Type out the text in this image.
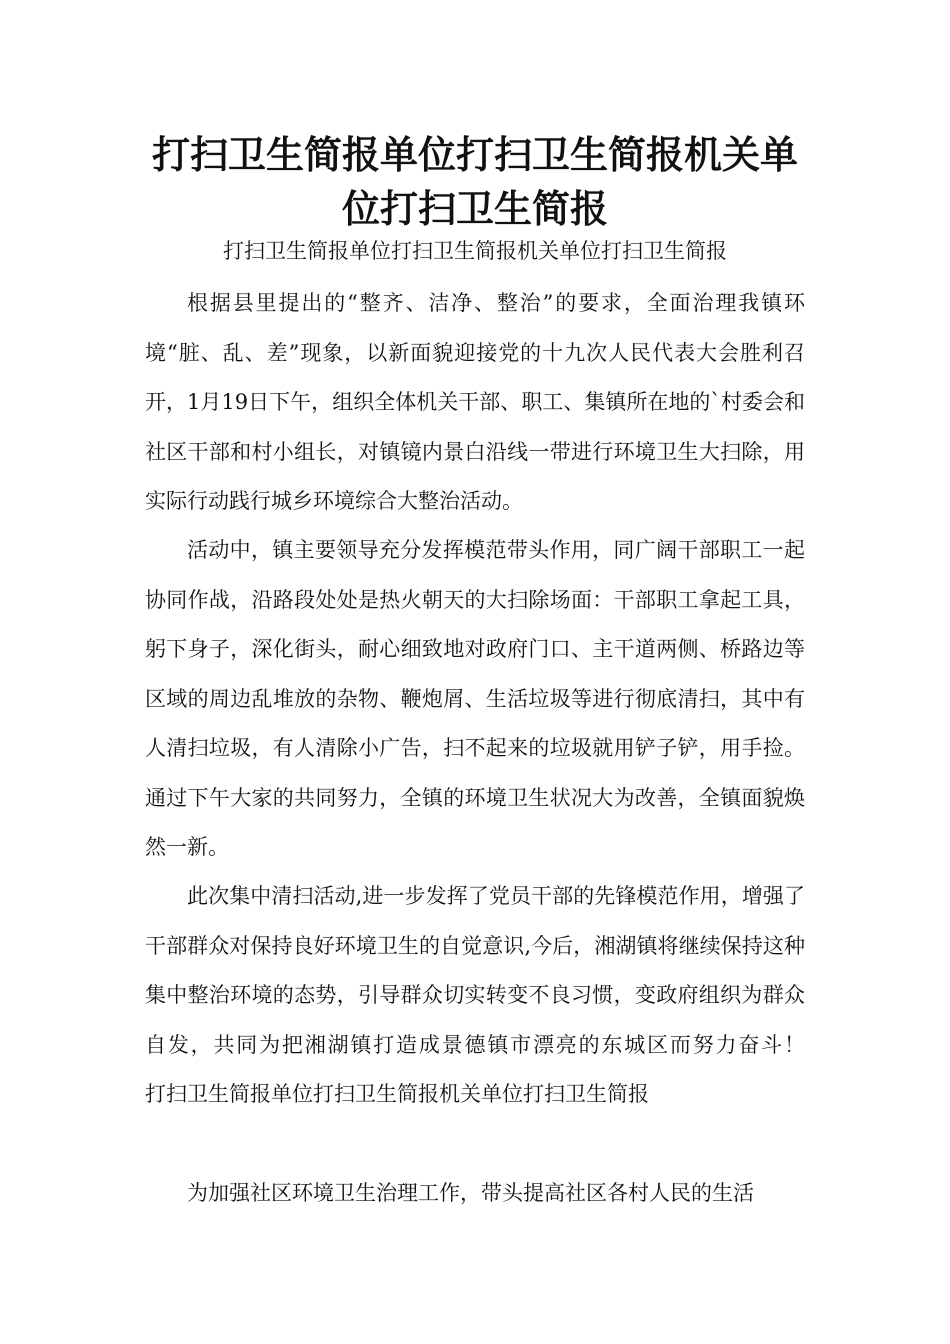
打扫卫生简报单位打扫卫生简报机关单位打扫卫生简报

打扫卫生简报单位打扫卫生简报机关单位打扫卫生简报

根据县里提出的“整齐、洁净、整治”的要求，全面治理我镇环境“脏、乱、差”现象，以新面貌迎接党的十九次人民代表大会胜利召开，1月19日下午，组织全体机关干部、职工、集镇所在地的`村委会和社区干部和村小组长，对镇镜内景白沿线一带进行环境卫生大扫除，用实际行动践行城乡环境综合大整治活动。

活动中，镇主要领导充分发挥模范带头作用，同广阔干部职工一起协同作战，沿路段处处是热火朝天的大扫除场面：干部职工拿起工具，躬下身子，深化街头，耐心细致地对政府门口、主干道两侧、桥路边等区域的周边乱堆放的杂物、鞭炮屑、生活垃圾等进行彻底清扫，其中有人清扫垃圾，有人清除小广告，扫不起来的垃圾就用铲子铲，用手捡。通过下午大家的共同努力，全镇的环境卫生状况大为改善，全镇面貌焕然一新。

此次集中清扫活动,进一步发挥了党员干部的先锋模范作用，增强了干部群众对保持良好环境卫生的自觉意识,今后，湘湖镇将继续保持这种集中整治环境的态势，引导群众切实转变不良习惯，变政府组织为群众自发，共同为把湘湖镇打造成景德镇市漂亮的东城区而努力奋斗！　　打扫卫生简报单位打扫卫生简报机关单位打扫卫生简报

为加强社区环境卫生治理工作，带头提高社区各村人民的生活
